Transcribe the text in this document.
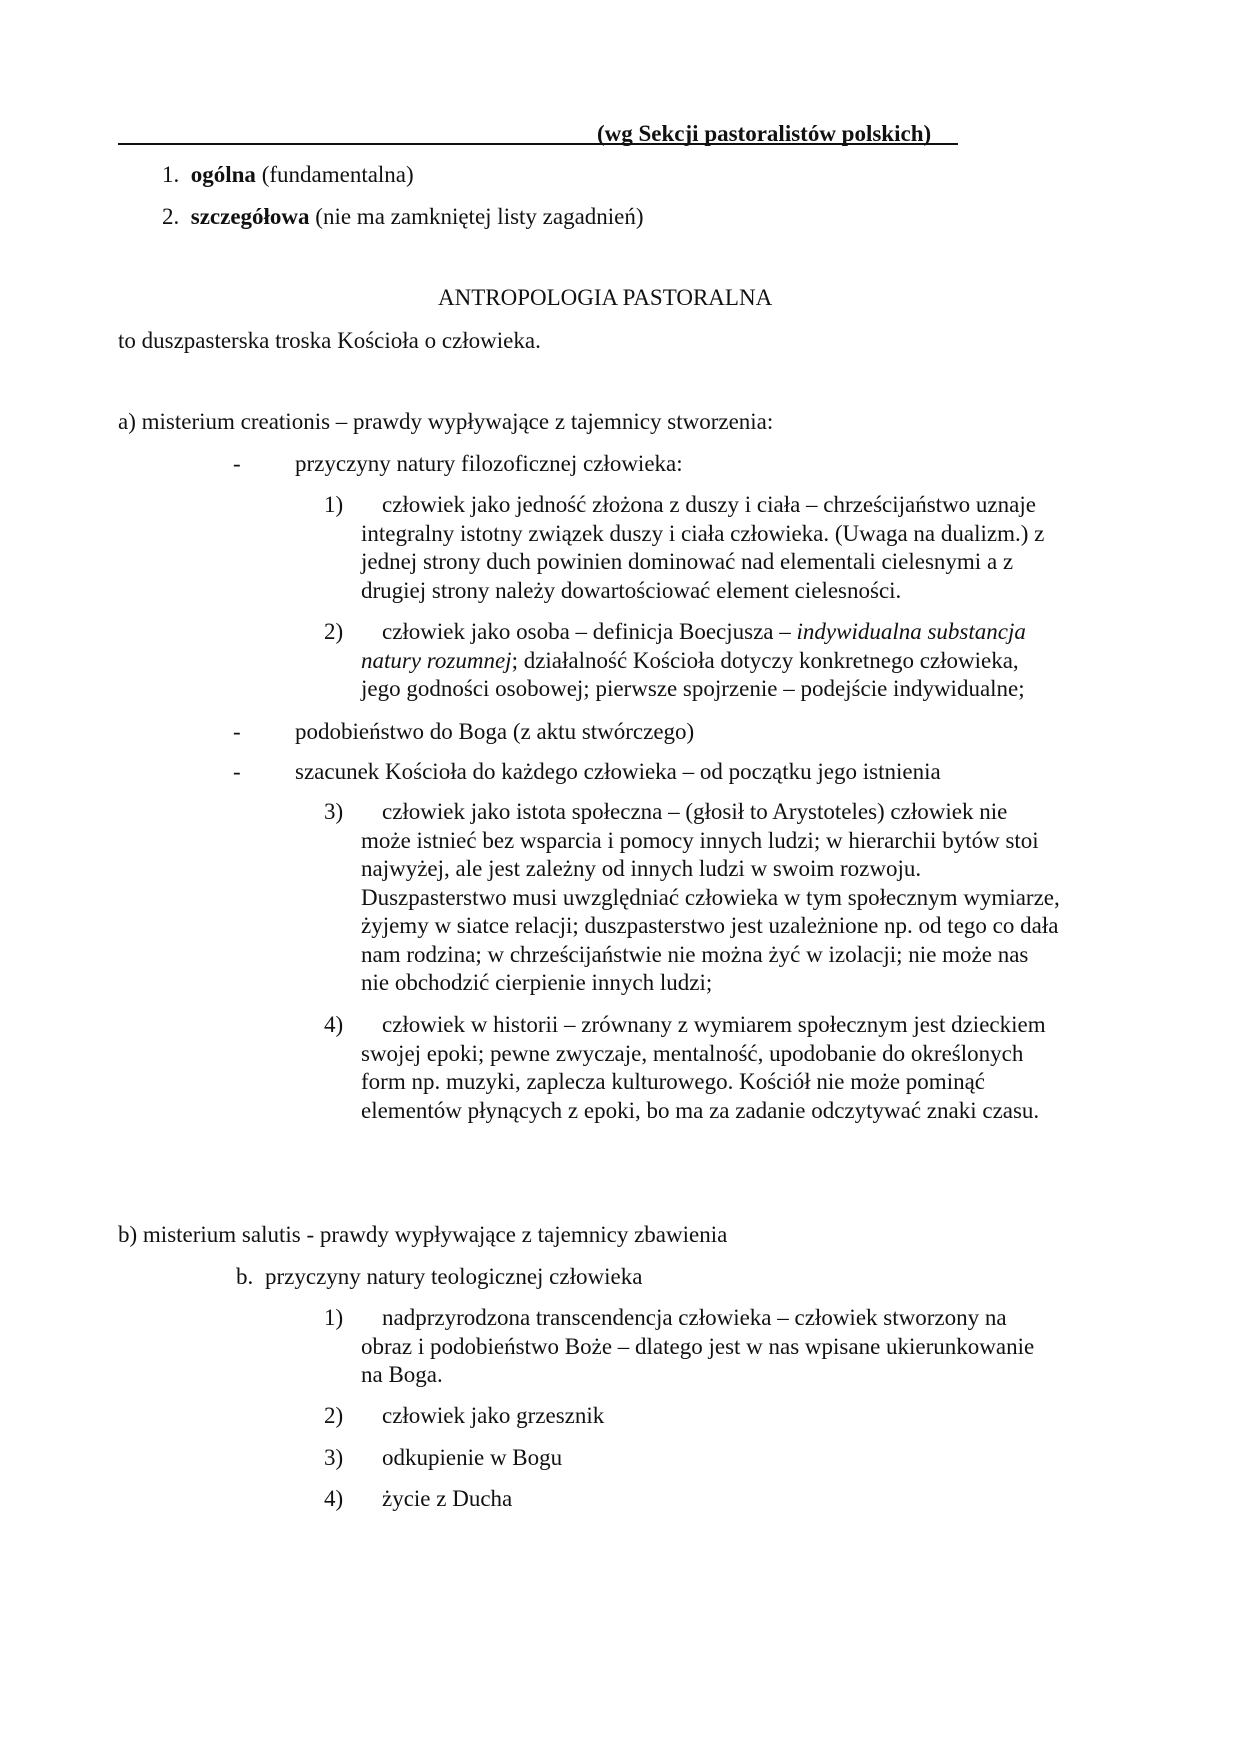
(wg Sekcji pastoralistów polskich)
1. ogólna (fundamentalna)
2. szczegółowa (nie ma zamkniętej listy zagadnień)
ANTROPOLOGIA PASTORALNA
to duszpasterska troska Kościoła o człowieka.
a) misterium creationis – prawdy wypływające z tajemnicy stworzenia:
- przyczyny natury filozoficznej człowieka:
1)	człowiek jako jedność złożona z duszy i ciała – chrześcijaństwo uznaje
integralny istotny związek duszy i ciała człowieka. (Uwaga na dualizm.) z
jednej strony duch powinien dominować nad elementali cielesnymi a z
drugiej strony należy dowartościować element cielesności.
2)	człowiek jako osoba – definicja Boecjusza – indywidualna substancja
natury rozumnej; działalność Kościoła dotyczy konkretnego człowieka,
jego godności osobowej; pierwsze spojrzenie – podejście indywidualne;
- podobieństwo do Boga (z aktu stwórczego)
- szacunek Kościoła do każdego człowieka – od początku jego istnienia
3)	człowiek jako istota społeczna – (głosił to Arystoteles) człowiek nie
może istnieć bez wsparcia i pomocy innych ludzi; w hierarchii bytów stoi
najwyżej, ale jest zależny od innych ludzi w swoim rozwoju.
Duszpasterstwo musi uwzględniać człowieka w tym społecznym wymiarze,
żyjemy w siatce relacji; duszpasterstwo jest uzależnione np. od tego co dała
nam rodzina; w chrześcijaństwie nie można żyć w izolacji; nie może nas
nie obchodzić cierpienie innych ludzi;
4)	człowiek w historii – zrównany z wymiarem społecznym jest dzieckiem
swojej epoki; pewne zwyczaje, mentalność, upodobanie do określonych
form np. muzyki, zaplecza kulturowego. Kościół nie może pominąć
elementów płynących z epoki, bo ma za zadanie odczytywać znaki czasu.
b) misterium salutis - prawdy wypływające z tajemnicy zbawienia
b. przyczyny natury teologicznej człowieka
1)	nadprzyrodzona transcendencja człowieka – człowiek stworzony na
obraz i podobieństwo Boże – dlatego jest w nas wpisane ukierunkowanie
na Boga.
2) człowiek jako grzesznik
3) odkupienie w Bogu
4) życie z Ducha
